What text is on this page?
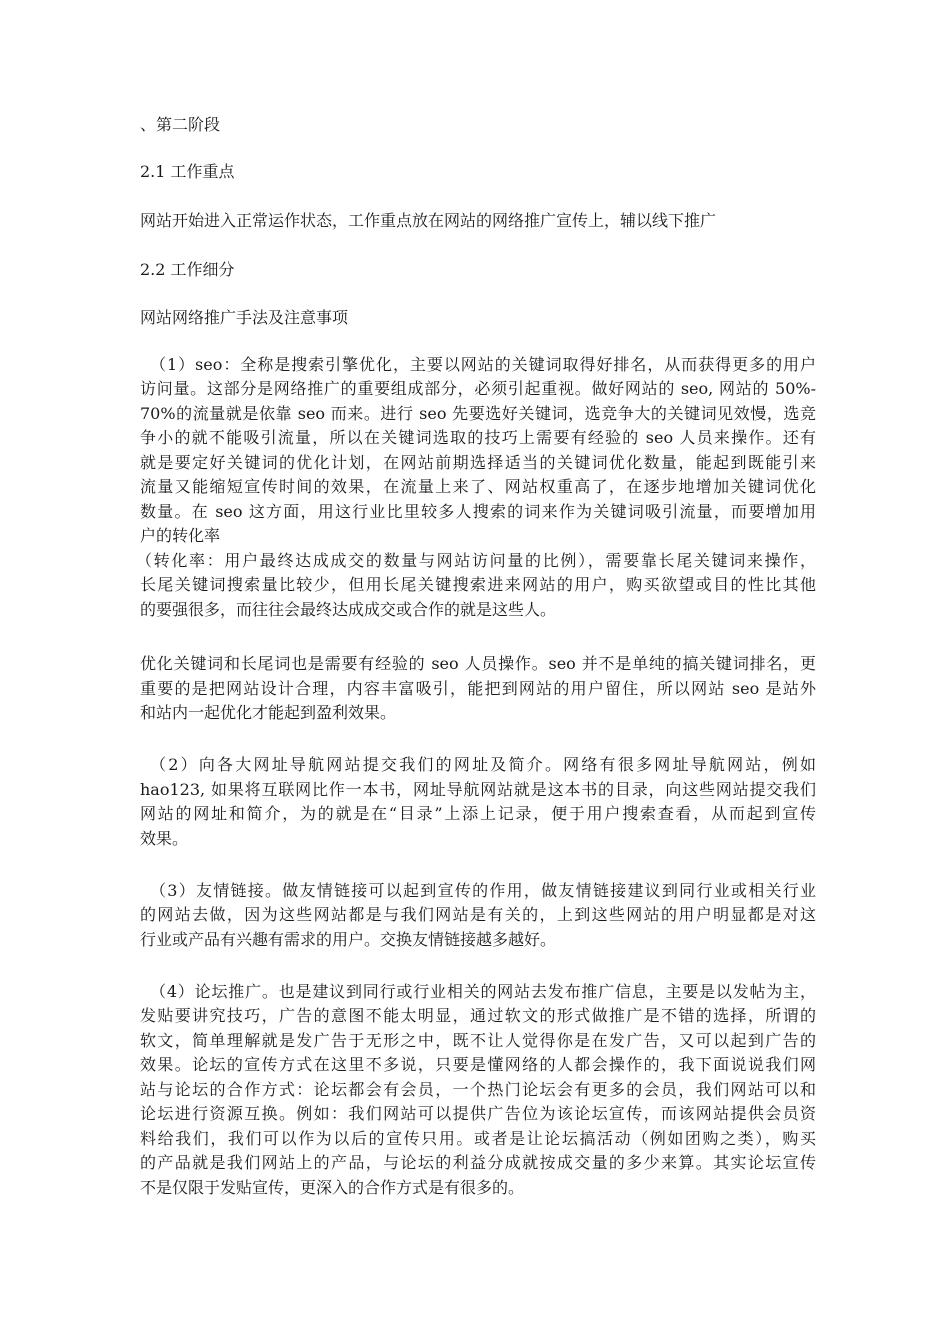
、第二阶段
2.1 工作重点
网站开始进入正常运作状态，工作重点放在网站的网络推广宣传上，辅以线下推广
2.2 工作细分
网站网络推广手法及注意事项
（1）seo：全称是搜索引擎优化，主要以网站的关键词取得好排名，从而获得更多的用户
访问量。这部分是网络推广的重要组成部分，必须引起重视。做好网站的 seo, 网站的 50%-
70%的流量就是依靠 seo 而来。进行 seo 先要选好关键词，选竞争大的关键词见效慢，选竞
争小的就不能吸引流量，所以在关键词选取的技巧上需要有经验的 seo 人员来操作。还有
就是要定好关键词的优化计划，在网站前期选择适当的关键词优化数量，能起到既能引来
流量又能缩短宣传时间的效果，在流量上来了、网站权重高了，在逐步地增加关键词优化
数量。在 seo 这方面，用这行业比里较多人搜索的词来作为关键词吸引流量，而要增加用
户的转化率
（转化率：用户最终达成成交的数量与网站访问量的比例），需要靠长尾关键词来操作，
长尾关键词搜索量比较少，但用长尾关键搜索进来网站的用户，购买欲望或目的性比其他
的要强很多，而往往会最终达成成交或合作的就是这些人。
优化关键词和长尾词也是需要有经验的 seo 人员操作。seo 并不是单纯的搞关键词排名，更
重要的是把网站设计合理，内容丰富吸引，能把到网站的用户留住，所以网站 seo 是站外
和站内一起优化才能起到盈利效果。
（2）向各大网址导航网站提交我们的网址及简介。网络有很多网址导航网站，例如
hao123, 如果将互联网比作一本书，网址导航网站就是这本书的目录，向这些网站提交我们
网站的网址和简介，为的就是在“目录”上添上记录，便于用户搜索查看，从而起到宣传
效果。
（3）友情链接。做友情链接可以起到宣传的作用，做友情链接建议到同行业或相关行业
的网站去做，因为这些网站都是与我们网站是有关的，上到这些网站的用户明显都是对这
行业或产品有兴趣有需求的用户。交换友情链接越多越好。
（4）论坛推广。也是建议到同行或行业相关的网站去发布推广信息，主要是以发帖为主，
发贴要讲究技巧，广告的意图不能太明显，通过软文的形式做推广是不错的选择，所谓的
软文，简单理解就是发广告于无形之中，既不让人觉得你是在发广告，又可以起到广告的
效果。论坛的宣传方式在这里不多说，只要是懂网络的人都会操作的，我下面说说我们网
站与论坛的合作方式：论坛都会有会员，一个热门论坛会有更多的会员，我们网站可以和
论坛进行资源互换。例如：我们网站可以提供广告位为该论坛宣传，而该网站提供会员资
料给我们，我们可以作为以后的宣传只用。或者是让论坛搞活动（例如团购之类），购买
的产品就是我们网站上的产品，与论坛的利益分成就按成交量的多少来算。其实论坛宣传
不是仅限于发贴宣传，更深入的合作方式是有很多的。
